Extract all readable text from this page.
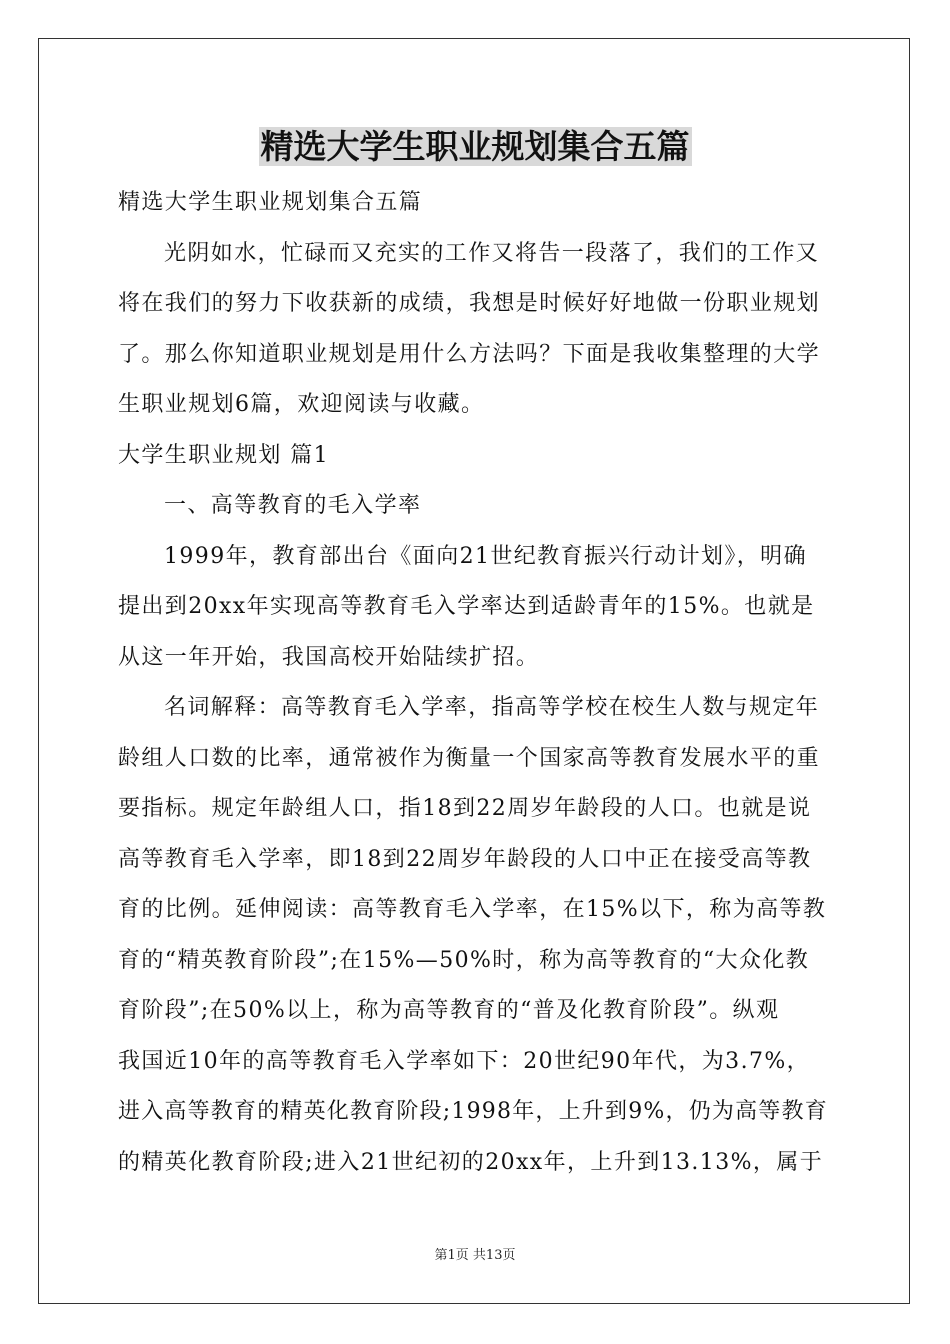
精选大学生职业规划集合五篇
精选大学生职业规划集合五篇
光阴如水，忙碌而又充实的工作又将告一段落了，我们的工作又
将在我们的努力下收获新的成绩，我想是时候好好地做一份职业规划
了。那么你知道职业规划是用什么方法吗？下面是我收集整理的大学
生职业规划6篇，欢迎阅读与收藏。
大学生职业规划 篇1
一、高等教育的毛入学率
1999年，教育部出台《面向21世纪教育振兴行动计划》，明确
提出到20xx年实现高等教育毛入学率达到适龄青年的15%。也就是
从这一年开始，我国高校开始陆续扩招。
名词解释：高等教育毛入学率，指高等学校在校生人数与规定年
龄组人口数的比率，通常被作为衡量一个国家高等教育发展水平的重
要指标。规定年龄组人口，指18到22周岁年龄段的人口。也就是说
高等教育毛入学率，即18到22周岁年龄段的人口中正在接受高等教
育的比例。延伸阅读：高等教育毛入学率，在15%以下，称为高等教
育的“精英教育阶段”;在15%—50%时，称为高等教育的“大众化教
育阶段”;在50%以上，称为高等教育的“普及化教育阶段”。纵观
我国近10年的高等教育毛入学率如下：20世纪90年代，为3.7%，
进入高等教育的精英化教育阶段;1998年，上升到9%，仍为高等教育
的精英化教育阶段;进入21世纪初的20xx年，上升到13.13%，属于
第1页 共13页
